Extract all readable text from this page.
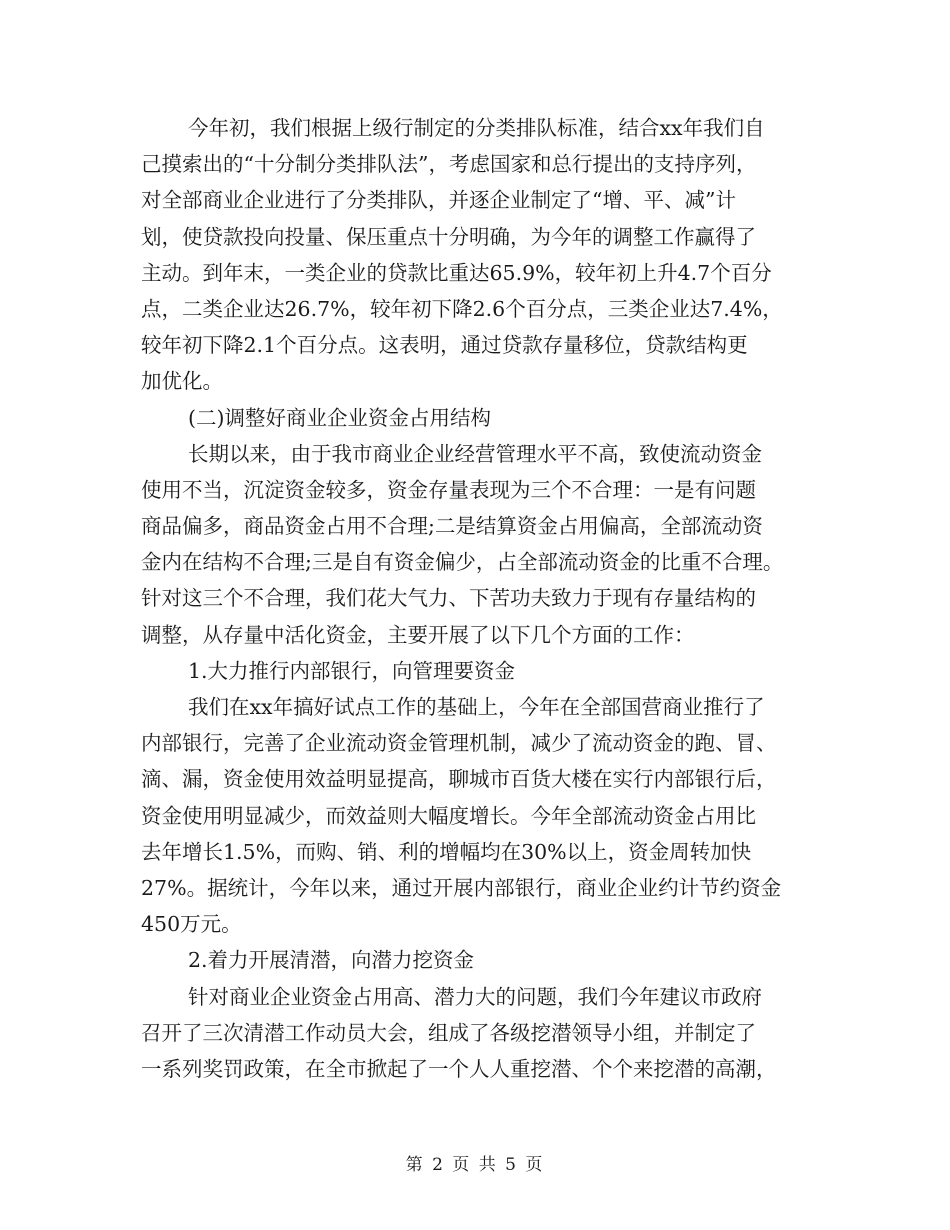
今年初，我们根据上级行制定的分类排队标准，结合xx年我们自
己摸索出的“十分制分类排队法”，考虑国家和总行提出的支持序列，
对全部商业企业进行了分类排队，并逐企业制定了“增、平、减”计
划，使贷款投向投量、保压重点十分明确，为今年的调整工作赢得了
主动。到年末，一类企业的贷款比重达65.9%，较年初上升4.7个百分
点，二类企业达26.7%，较年初下降2.6个百分点，三类企业达7.4%，
较年初下降2.1个百分点。这表明，通过贷款存量移位，贷款结构更
加优化。
(二)调整好商业企业资金占用结构
长期以来，由于我市商业企业经营管理水平不高，致使流动资金
使用不当，沉淀资金较多，资金存量表现为三个不合理：一是有问题
商品偏多，商品资金占用不合理;二是结算资金占用偏高，全部流动资
金内在结构不合理;三是自有资金偏少，占全部流动资金的比重不合理。
针对这三个不合理，我们花大气力、下苦功夫致力于现有存量结构的
调整，从存量中活化资金，主要开展了以下几个方面的工作：
1.大力推行内部银行，向管理要资金
我们在xx年搞好试点工作的基础上，今年在全部国营商业推行了
内部银行，完善了企业流动资金管理机制，减少了流动资金的跑、冒、
滴、漏，资金使用效益明显提高，聊城市百货大楼在实行内部银行后，
资金使用明显减少，而效益则大幅度增长。今年全部流动资金占用比
去年增长1.5%，而购、销、利的增幅均在30%以上，资金周转加快
27%。据统计，今年以来，通过开展内部银行，商业企业约计节约资金
450万元。
2.着力开展清潜，向潜力挖资金
针对商业企业资金占用高、潜力大的问题，我们今年建议市政府
召开了三次清潜工作动员大会，组成了各级挖潜领导小组，并制定了
一系列奖罚政策，在全市掀起了一个人人重挖潜、个个来挖潜的高潮，
第 2 页 共 5 页
